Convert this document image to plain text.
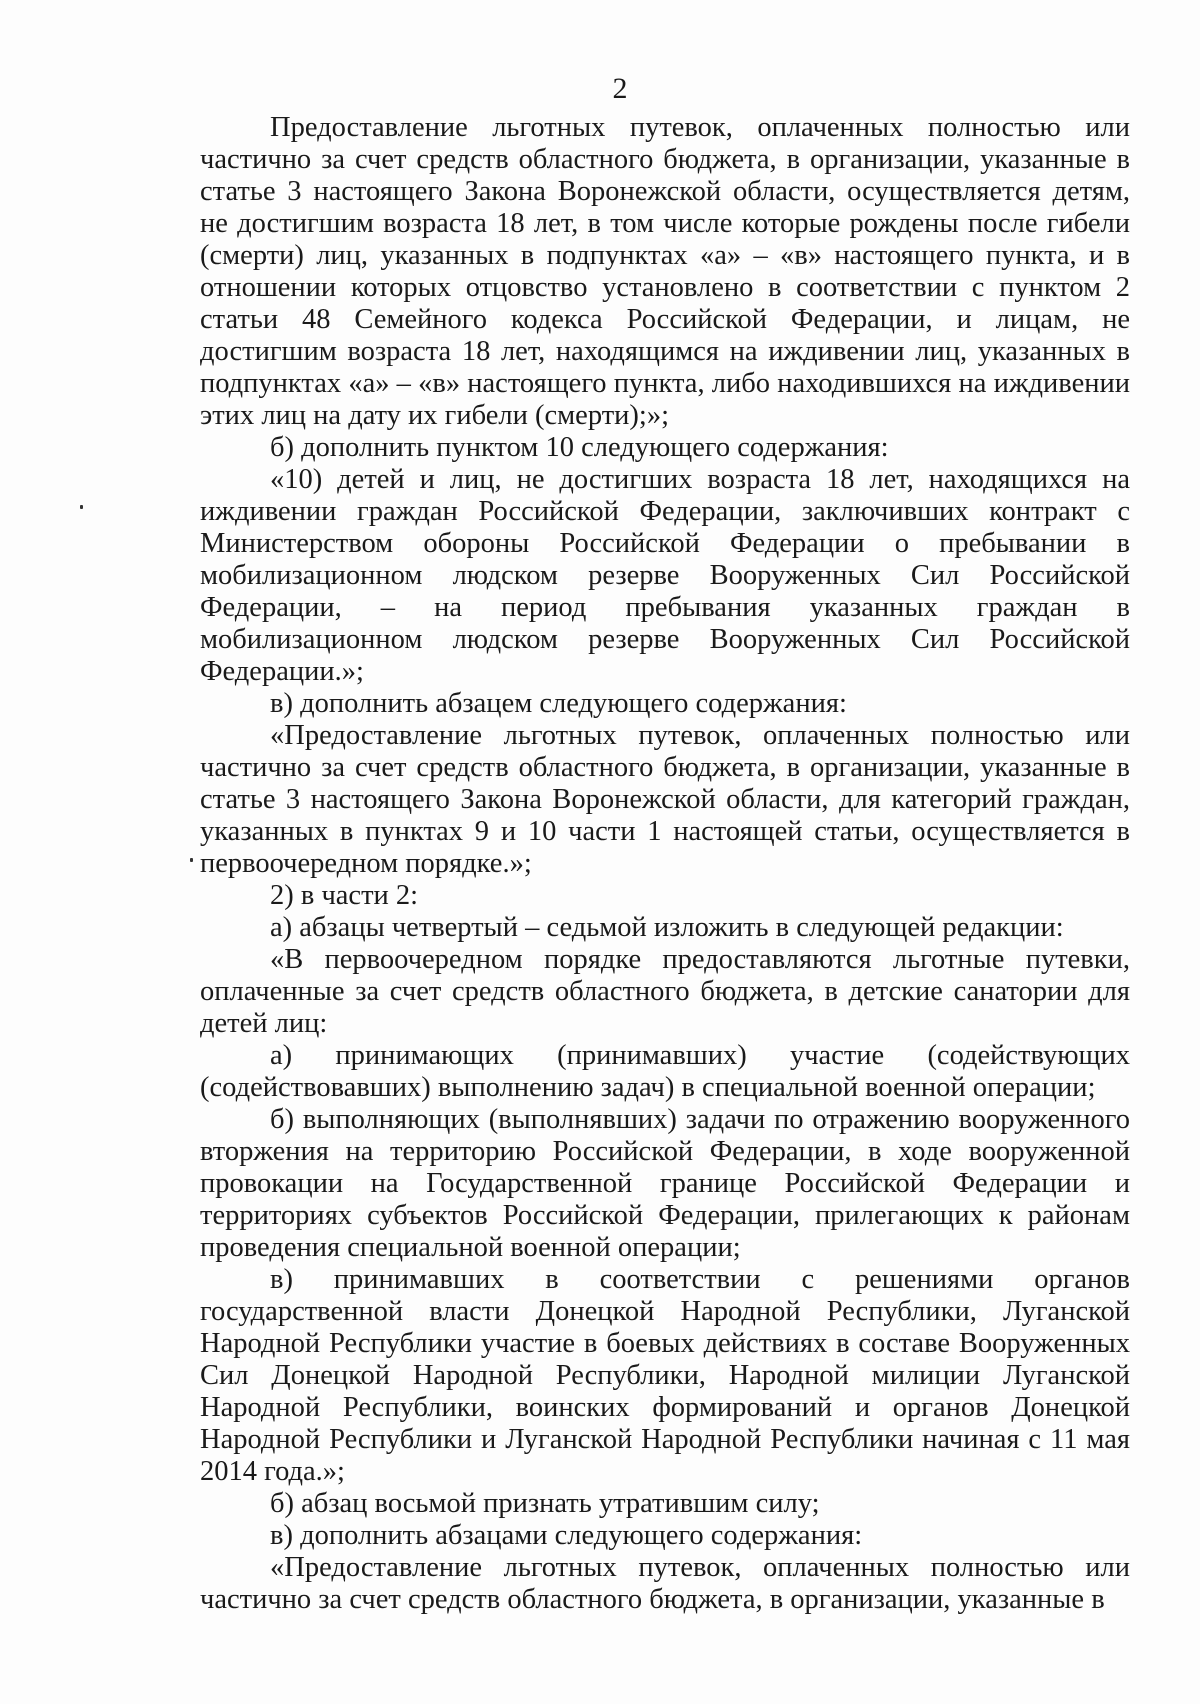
2

Предоставление льготных путевок, оплаченных полностью или частично за счет средств областного бюджета, в организации, указанные в статье 3 настоящего Закона Воронежской области, осуществляется детям, не достигшим возраста 18 лет, в том числе которые рождены после гибели (смерти) лиц, указанных в подпунктах «а» – «в» настоящего пункта, и в отношении которых отцовство установлено в соответствии с пунктом 2 статьи 48 Семейного кодекса Российской Федерации, и лицам, не достигшим возраста 18 лет, находящимся на иждивении лиц, указанных в подпунктах «а» – «в» настоящего пункта, либо находившихся на иждивении этих лиц на дату их гибели (смерти);»;

б) дополнить пунктом 10 следующего содержания:

«10) детей и лиц, не достигших возраста 18 лет, находящихся на иждивении граждан Российской Федерации, заключивших контракт с Министерством обороны Российской Федерации о пребывании в мобилизационном людском резерве Вооруженных Сил Российской Федерации, – на период пребывания указанных граждан в мобилизационном людском резерве Вооруженных Сил Российской Федерации.»;

в) дополнить абзацем следующего содержания:

«Предоставление льготных путевок, оплаченных полностью или частично за счет средств областного бюджета, в организации, указанные в статье 3 настоящего Закона Воронежской области, для категорий граждан, указанных в пунктах 9 и 10 части 1 настоящей статьи, осуществляется в первоочередном порядке.»;

2) в части 2:

а) абзацы четвертый – седьмой изложить в следующей редакции:

«В первоочередном порядке предоставляются льготные путевки, оплаченные за счет средств областного бюджета, в детские санатории для детей лиц:

а) принимающих (принимавших) участие (содействующих (содействовавших) выполнению задач) в специальной военной операции;

б) выполняющих (выполнявших) задачи по отражению вооруженного вторжения на территорию Российской Федерации, в ходе вооруженной провокации на Государственной границе Российской Федерации и территориях субъектов Российской Федерации, прилегающих к районам проведения специальной военной операции;

в) принимавших в соответствии с решениями органов государственной власти Донецкой Народной Республики, Луганской Народной Республики участие в боевых действиях в составе Вооруженных Сил Донецкой Народной Республики, Народной милиции Луганской Народной Республики, воинских формирований и органов Донецкой Народной Республики и Луганской Народной Республики начиная с 11 мая 2014 года.»;

б) абзац восьмой признать утратившим силу;

в) дополнить абзацами следующего содержания:

«Предоставление льготных путевок, оплаченных полностью или частично за счет средств областного бюджета, в организации, указанные в
